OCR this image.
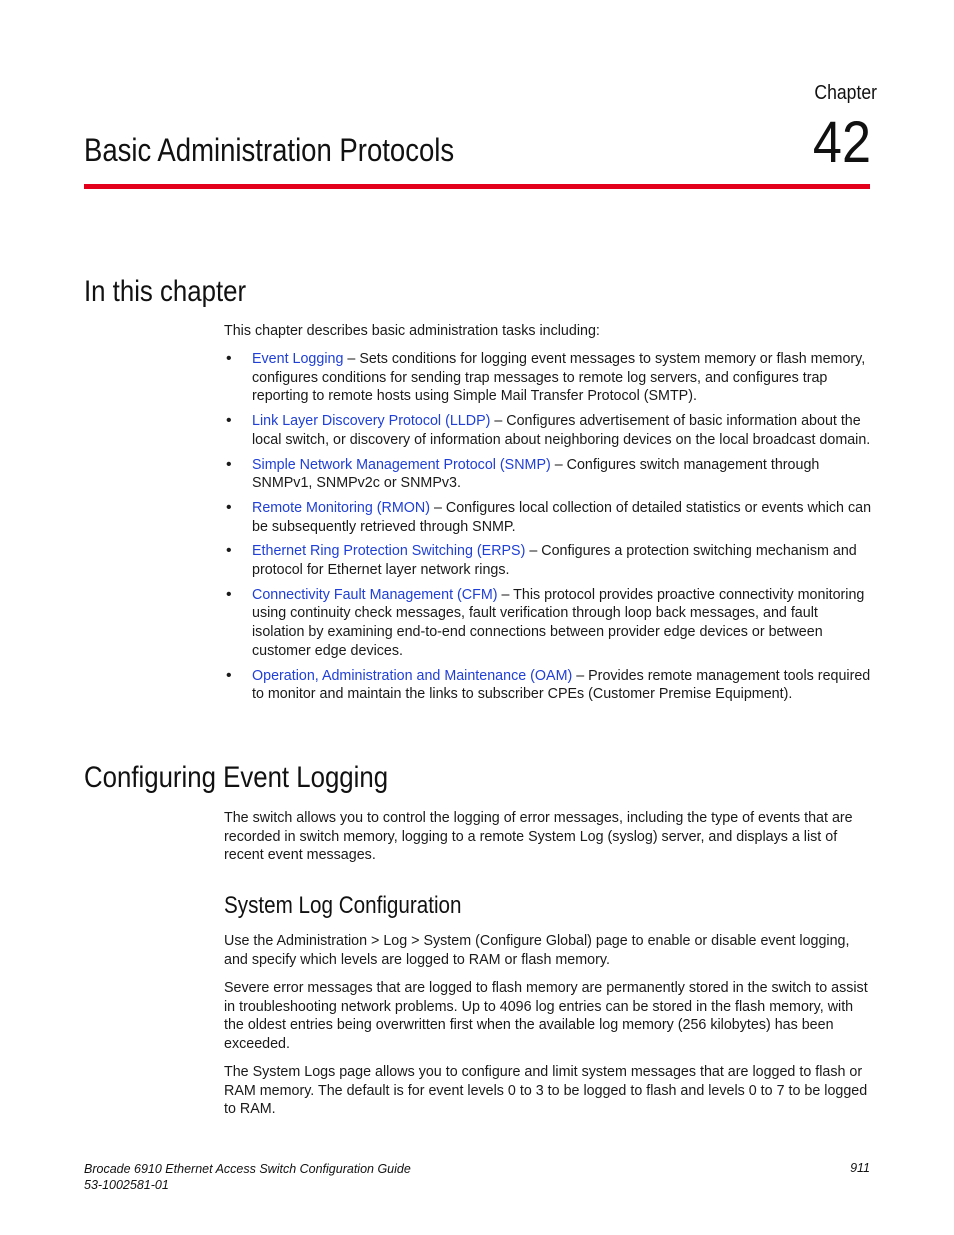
Chapter
42
Basic Administration Protocols
In this chapter

This chapter describes basic administration tasks including:

• Event Logging – Sets conditions for logging event messages to system memory or flash memory, configures conditions for sending trap messages to remote log servers, and configures trap reporting to remote hosts using Simple Mail Transfer Protocol (SMTP).
• Link Layer Discovery Protocol (LLDP) – Configures advertisement of basic information about the local switch, or discovery of information about neighboring devices on the local broadcast domain.
• Simple Network Management Protocol (SNMP) – Configures switch management through SNMPv1, SNMPv2c or SNMPv3.
• Remote Monitoring (RMON) – Configures local collection of detailed statistics or events which can be subsequently retrieved through SNMP.
• Ethernet Ring Protection Switching (ERPS) – Configures a protection switching mechanism and protocol for Ethernet layer network rings.
• Connectivity Fault Management (CFM) – This protocol provides proactive connectivity monitoring using continuity check messages, fault verification through loop back messages, and fault isolation by examining end-to-end connections between provider edge devices or between customer edge devices.
• Operation, Administration and Maintenance (OAM) – Provides remote management tools required to monitor and maintain the links to subscriber CPEs (Customer Premise Equipment).
Configuring Event Logging

The switch allows you to control the logging of error messages, including the type of events that are recorded in switch memory, logging to a remote System Log (syslog) server, and displays a list of recent event messages.

System Log Configuration

Use the Administration > Log > System (Configure Global) page to enable or disable event logging, and specify which levels are logged to RAM or flash memory.

Severe error messages that are logged to flash memory are permanently stored in the switch to assist in troubleshooting network problems. Up to 4096 log entries can be stored in the flash memory, with the oldest entries being overwritten first when the available log memory (256 kilobytes) has been exceeded.

The System Logs page allows you to configure and limit system messages that are logged to flash or RAM memory. The default is for event levels 0 to 3 to be logged to flash and levels 0 to 7 to be logged to RAM.

Brocade 6910 Ethernet Access Switch Configuration Guide
53-1002581-01
911
